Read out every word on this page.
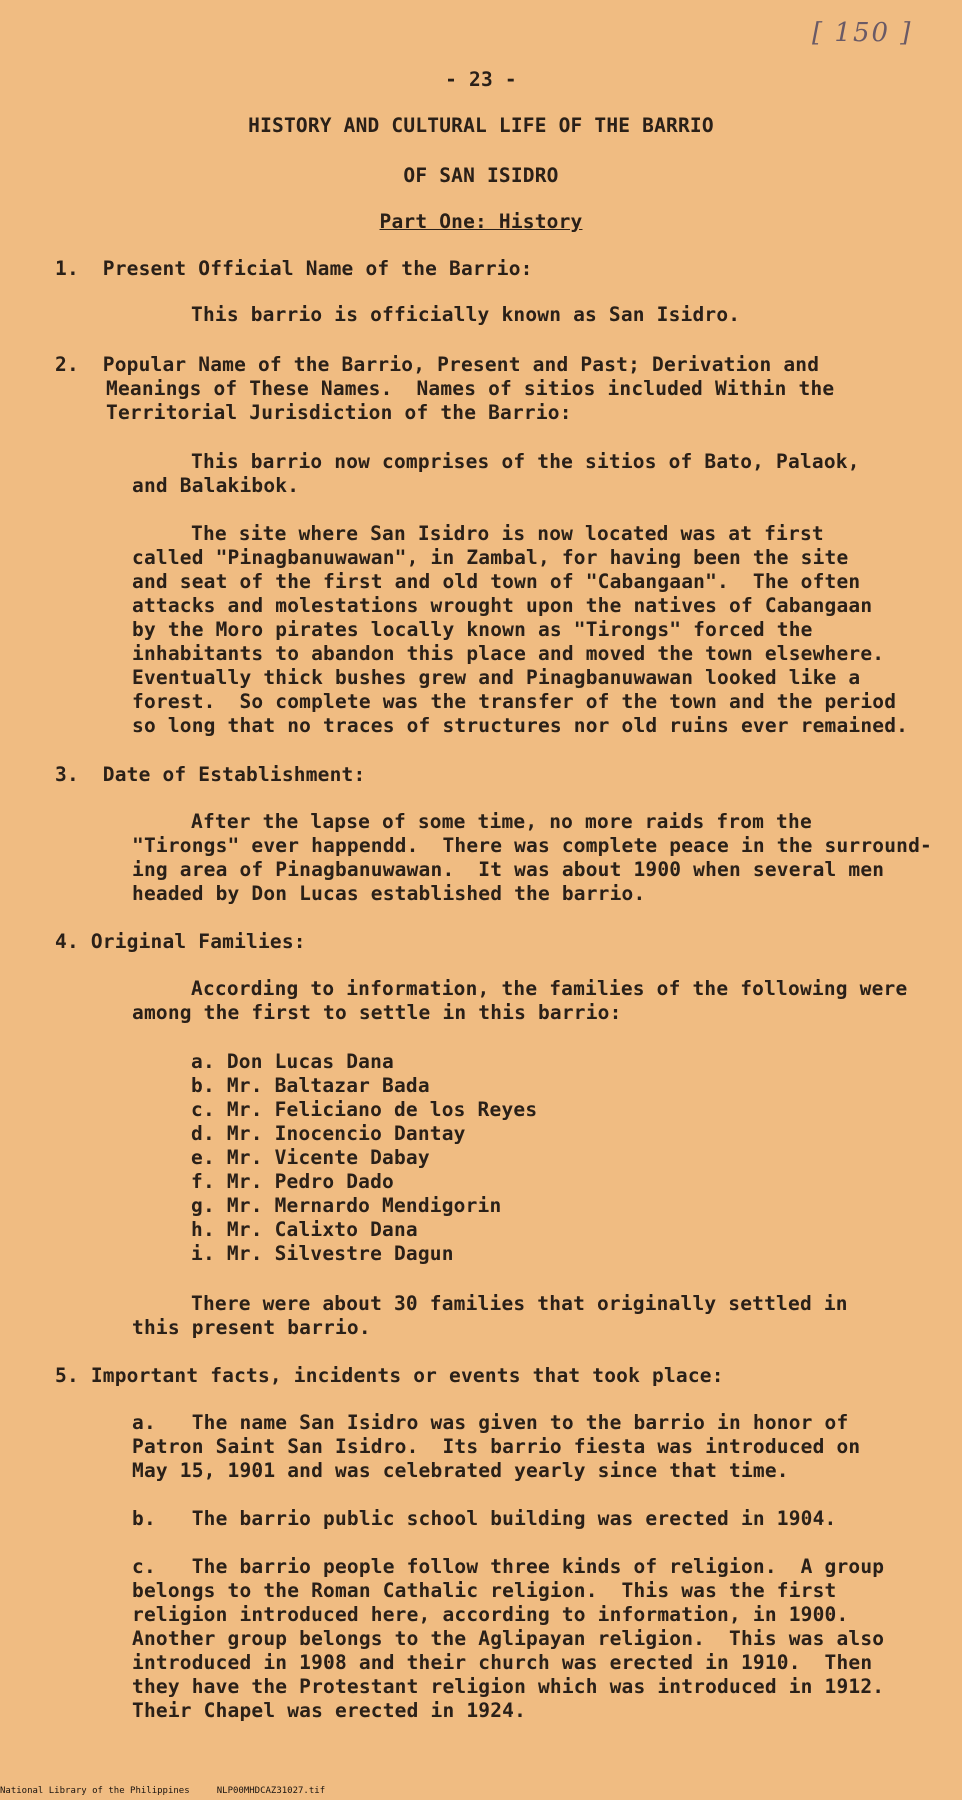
[ 150 ]
- 23 -
HISTORY AND CULTURAL LIFE OF THE BARRIO
OF SAN ISIDRO
Part One: History
1.  Present Official Name of the Barrio:
This barrio is officially known as San Isidro.
2.  Popular Name of the Barrio, Present and Past; Derivation and
Meanings of These Names.  Names of sitios included Within the
Territorial Jurisdiction of the Barrio:
This barrio now comprises of the sitios of Bato, Palaok,
and Balakibok.
The site where San Isidro is now located was at first
called "Pinagbanuwawan", in Zambal, for having been the site
and seat of the first and old town of "Cabangaan".  The often
attacks and molestations wrought upon the natives of Cabangaan
by the Moro pirates locally known as "Tirongs" forced the
inhabitants to abandon this place and moved the town elsewhere.
Eventually thick bushes grew and Pinagbanuwawan looked like a
forest.  So complete was the transfer of the town and the period
so long that no traces of structures nor old ruins ever remained.
3.  Date of Establishment:
After the lapse of some time, no more raids from the
"Tirongs" ever happendd.  There was complete peace in the surround-
ing area of Pinagbanuwawan.  It was about 1900 when several men
headed by Don Lucas established the barrio.
4. Original Families:
According to information, the families of the following were
among the first to settle in this barrio:
a. Don Lucas Dana
b. Mr. Baltazar Bada
c. Mr. Feliciano de los Reyes
d. Mr. Inocencio Dantay
e. Mr. Vicente Dabay
f. Mr. Pedro Dado
g. Mr. Mernardo Mendigorin
h. Mr. Calixto Dana
i. Mr. Silvestre Dagun
There were about 30 families that originally settled in
this present barrio.
5. Important facts, incidents or events that took place:
a.   The name San Isidro was given to the barrio in honor of
Patron Saint San Isidro.  Its barrio fiesta was introduced on
May 15, 1901 and was celebrated yearly since that time.
b.   The barrio public school building was erected in 1904.
c.   The barrio people follow three kinds of religion.  A group
belongs to the Roman Cathalic religion.  This was the first
religion introduced here, according to information, in 1900.
Another group belongs to the Aglipayan religion.  This was also
introduced in 1908 and their church was erected in 1910.  Then
they have the Protestant religion which was introduced in 1912.
Their Chapel was erected in 1924.
National Library of the Philippines     NLP00MHDCAZ31027.tif
